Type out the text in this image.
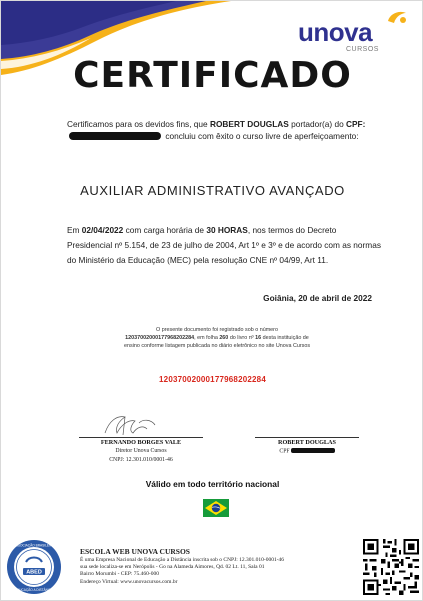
unova
CURSOS
CERTIFICADO
Certificamos para os devidos fins, que ROBERT DOUGLAS portador(a) do CPF:  concluiu com êxito o curso livre de aperfeiçoamento:
AUXILIAR ADMINISTRATIVO AVANÇADO
Em 02/04/2022 com carga horária de 30 HORAS, nos termos do Decreto Presidencial nº 5.154, de 23 de julho de 2004, Art 1º e 3º e de acordo com as normas do Ministério da Educação (MEC) pela resolução CNE nº 04/99, Art 11.
Goiânia, 20 de abril de 2022
O presente documento foi registrado sob o número 12037002000177968202284, em folha 260 do livro nº 16 desta instituição de ensino conforme listagem publicada no diário eletrônico no site Unova Cursos
12037002000177968202284
FERNANDO BORGES VALE
Diretor Unova Cursos
CNPJ: 12.301.010/0001-46
ROBERT DOUGLAS
CPF
Válido em todo território nacional
ABED
ASSOCIAÇÃO BRASILEIRA
EDUCAÇÃO A DISTÂNCIA
ESCOLA WEB UNOVA CURSOS
É uma Empresa Nacional de Educação a Distância inscrita sob o CNPJ: 12.301.010-0001-46
sua sede localiza-se em Nerópolis - Go na Alameda Aimores, Qd. 02 Lt. 11, Sala 01
Bairro Morumbi - CEP: 75.460-000
Endereço Virtual: www.unovacursos.com.br
